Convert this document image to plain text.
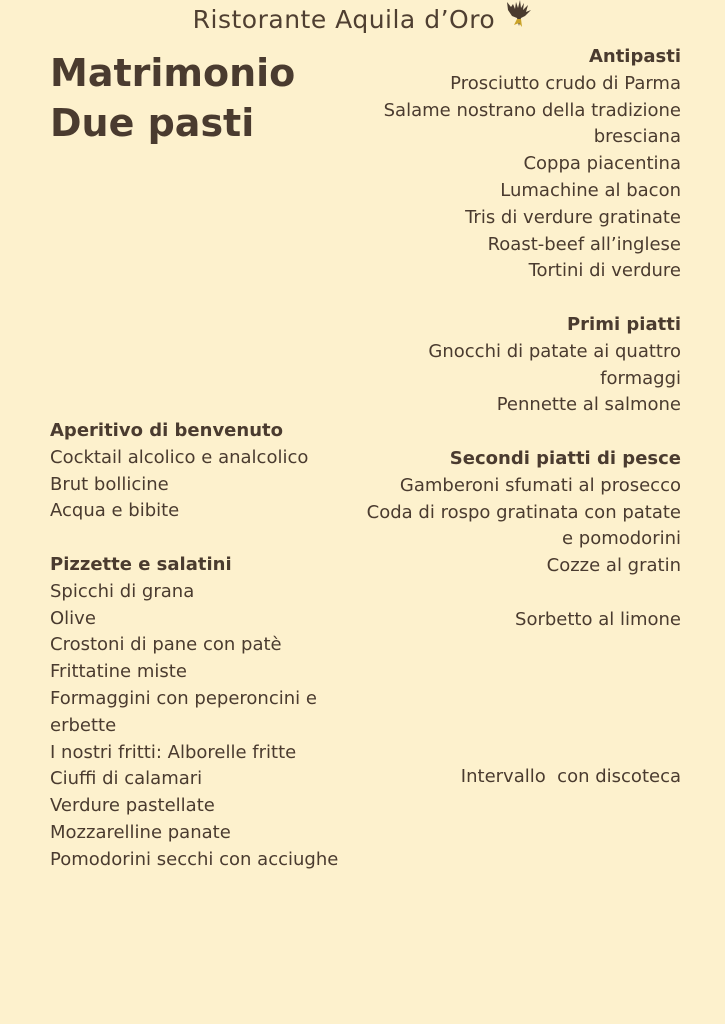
Ristorante Aquila d’Oro
Matrimonio
Due pasti
Antipasti
Prosciutto crudo di Parma
Salame nostrano della tradizione bresciana
Coppa piacentina
Lumachine al bacon
Tris di verdure gratinate
Roast-beef all’inglese
Tortini di verdure
Primi piatti
Gnocchi di patate ai quattro formaggi
Pennette al salmone
Secondi piatti di pesce
Gamberoni sfumati al prosecco
Coda di rospo gratinata con patate e pomodorini
Cozze al gratin
Sorbetto al limone
Aperitivo di benvenuto
Cocktail alcolico e analcolico
Brut bollicine
Acqua e bibite
Pizzette e salatini
Spicchi di grana
Olive
Crostoni di pane con patè
Frittatine miste
Formaggini con peperoncini e erbette
I nostri fritti: Alborelle fritte
Ciuffi di calamari
Verdure pastellate
Mozzarelline panate
Pomodorini secchi con acciughe
Intervallo  con discoteca
